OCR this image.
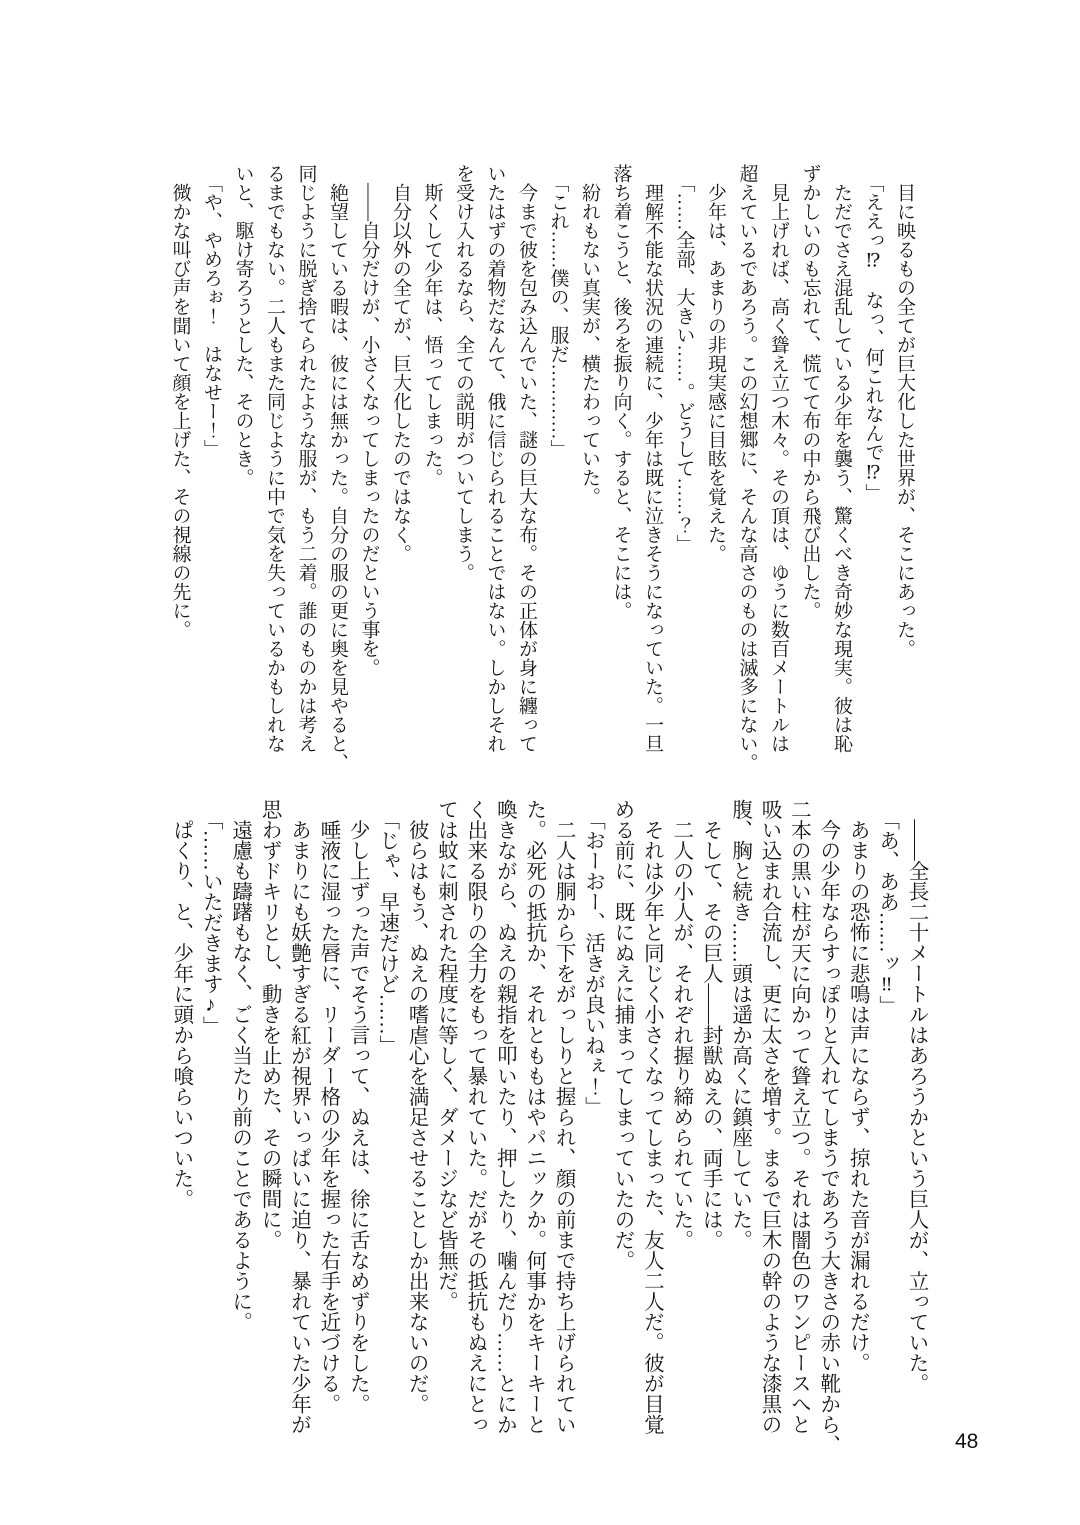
　目に映るもの全てが巨大化した世界が、そこにあった。

　「ええっ⁉　なっ、何これなんで⁉」

　ただでさえ混乱している少年を襲う、驚くべき奇妙な現実。彼は恥

ずかしいのも忘れて、慌てて布の中から飛び出した。

　見上げれば、高く聳え立つ木々。その頂は、ゆうに数百メートルは

超えているであろう。この幻想郷に、そんな高さのものは滅多にない。

　少年は、あまりの非現実感に目眩を覚えた。

　「……全部、大きい……。どうして……？」

　理解不能な状況の連続に、少年は既に泣きそうになっていた。一旦

落ち着こうと、後ろを振り向く。すると、そこには。

　紛れもない真実が、横たわっていた。

　「これ……僕の、服だ…………」

　今まで彼を包み込んでいた、謎の巨大な布。その正体が身に纏って

いたはずの着物だなんて、俄に信じられることではない。しかしそれ

を受け入れるなら、全ての説明がついてしまう。

　斯くして少年は、悟ってしまった。

　自分以外の全てが、巨大化したのではなく。

　――自分だけが、小さくなってしまったのだという事を。

　絶望している暇は、彼には無かった。自分の服の更に奥を見やると、

同じように脱ぎ捨てられたような服が、もう二着。誰のものかは考え

るまでもない。二人もまた同じように中で気を失っているかもしれな

いと、駆け寄ろうとした、そのとき。

　「や、やめろぉ！　はなせー！」

　微かな叫び声を聞いて顔を上げた、その視線の先に。

　――全長二十メートルはあろうかという巨人が、立っていた。

　「あ、ああ……ッ‼」

　あまりの恐怖に悲鳴は声にならず、掠れた音が漏れるだけ。

　今の少年ならすっぽりと入れてしまうであろう大きさの赤い靴から、

二本の黒い柱が天に向かって聳え立つ。それは闇色のワンピースへと

吸い込まれ合流し、更に太さを増す。まるで巨木の幹のような漆黒の

腹、胸と続き……頭は遥か高くに鎮座していた。

　そして、その巨人――封獣ぬえの、両手には。

　二人の小人が、それぞれ握り締められていた。

　それは少年と同じく小さくなってしまった、友人二人だ。彼が目覚

める前に、既にぬえに捕まってしまっていたのだ。

　「おーおー、活きが良いねぇ！」

　二人は胴から下をがっしりと握られ、顔の前まで持ち上げられてい

た。必死の抵抗か、それとももはやパニックか。何事かをキーキーと

喚きながら、ぬえの親指を叩いたり、押したり、噛んだり……とにか

く出来る限りの全力をもって暴れていた。だがその抵抗もぬえにとっ

ては蚊に刺された程度に等しく、ダメージなど皆無だ。

　彼らはもう、ぬえの嗜虐心を満足させることしか出来ないのだ。

　「じゃ、早速だけど……」

　少し上ずった声でそう言って、ぬえは、徐に舌なめずりをした。

　唾液に湿った唇に、リーダー格の少年を握った右手を近づける。

　あまりにも妖艶すぎる紅が視界いっぱいに迫り、暴れていた少年が

思わずドキリとし、動きを止めた、その瞬間に。

　遠慮も躊躇もなく、ごく当たり前のことであるように。

　「……いただきます♪」

　ぱくり、と、少年に頭から喰らいついた。

48
